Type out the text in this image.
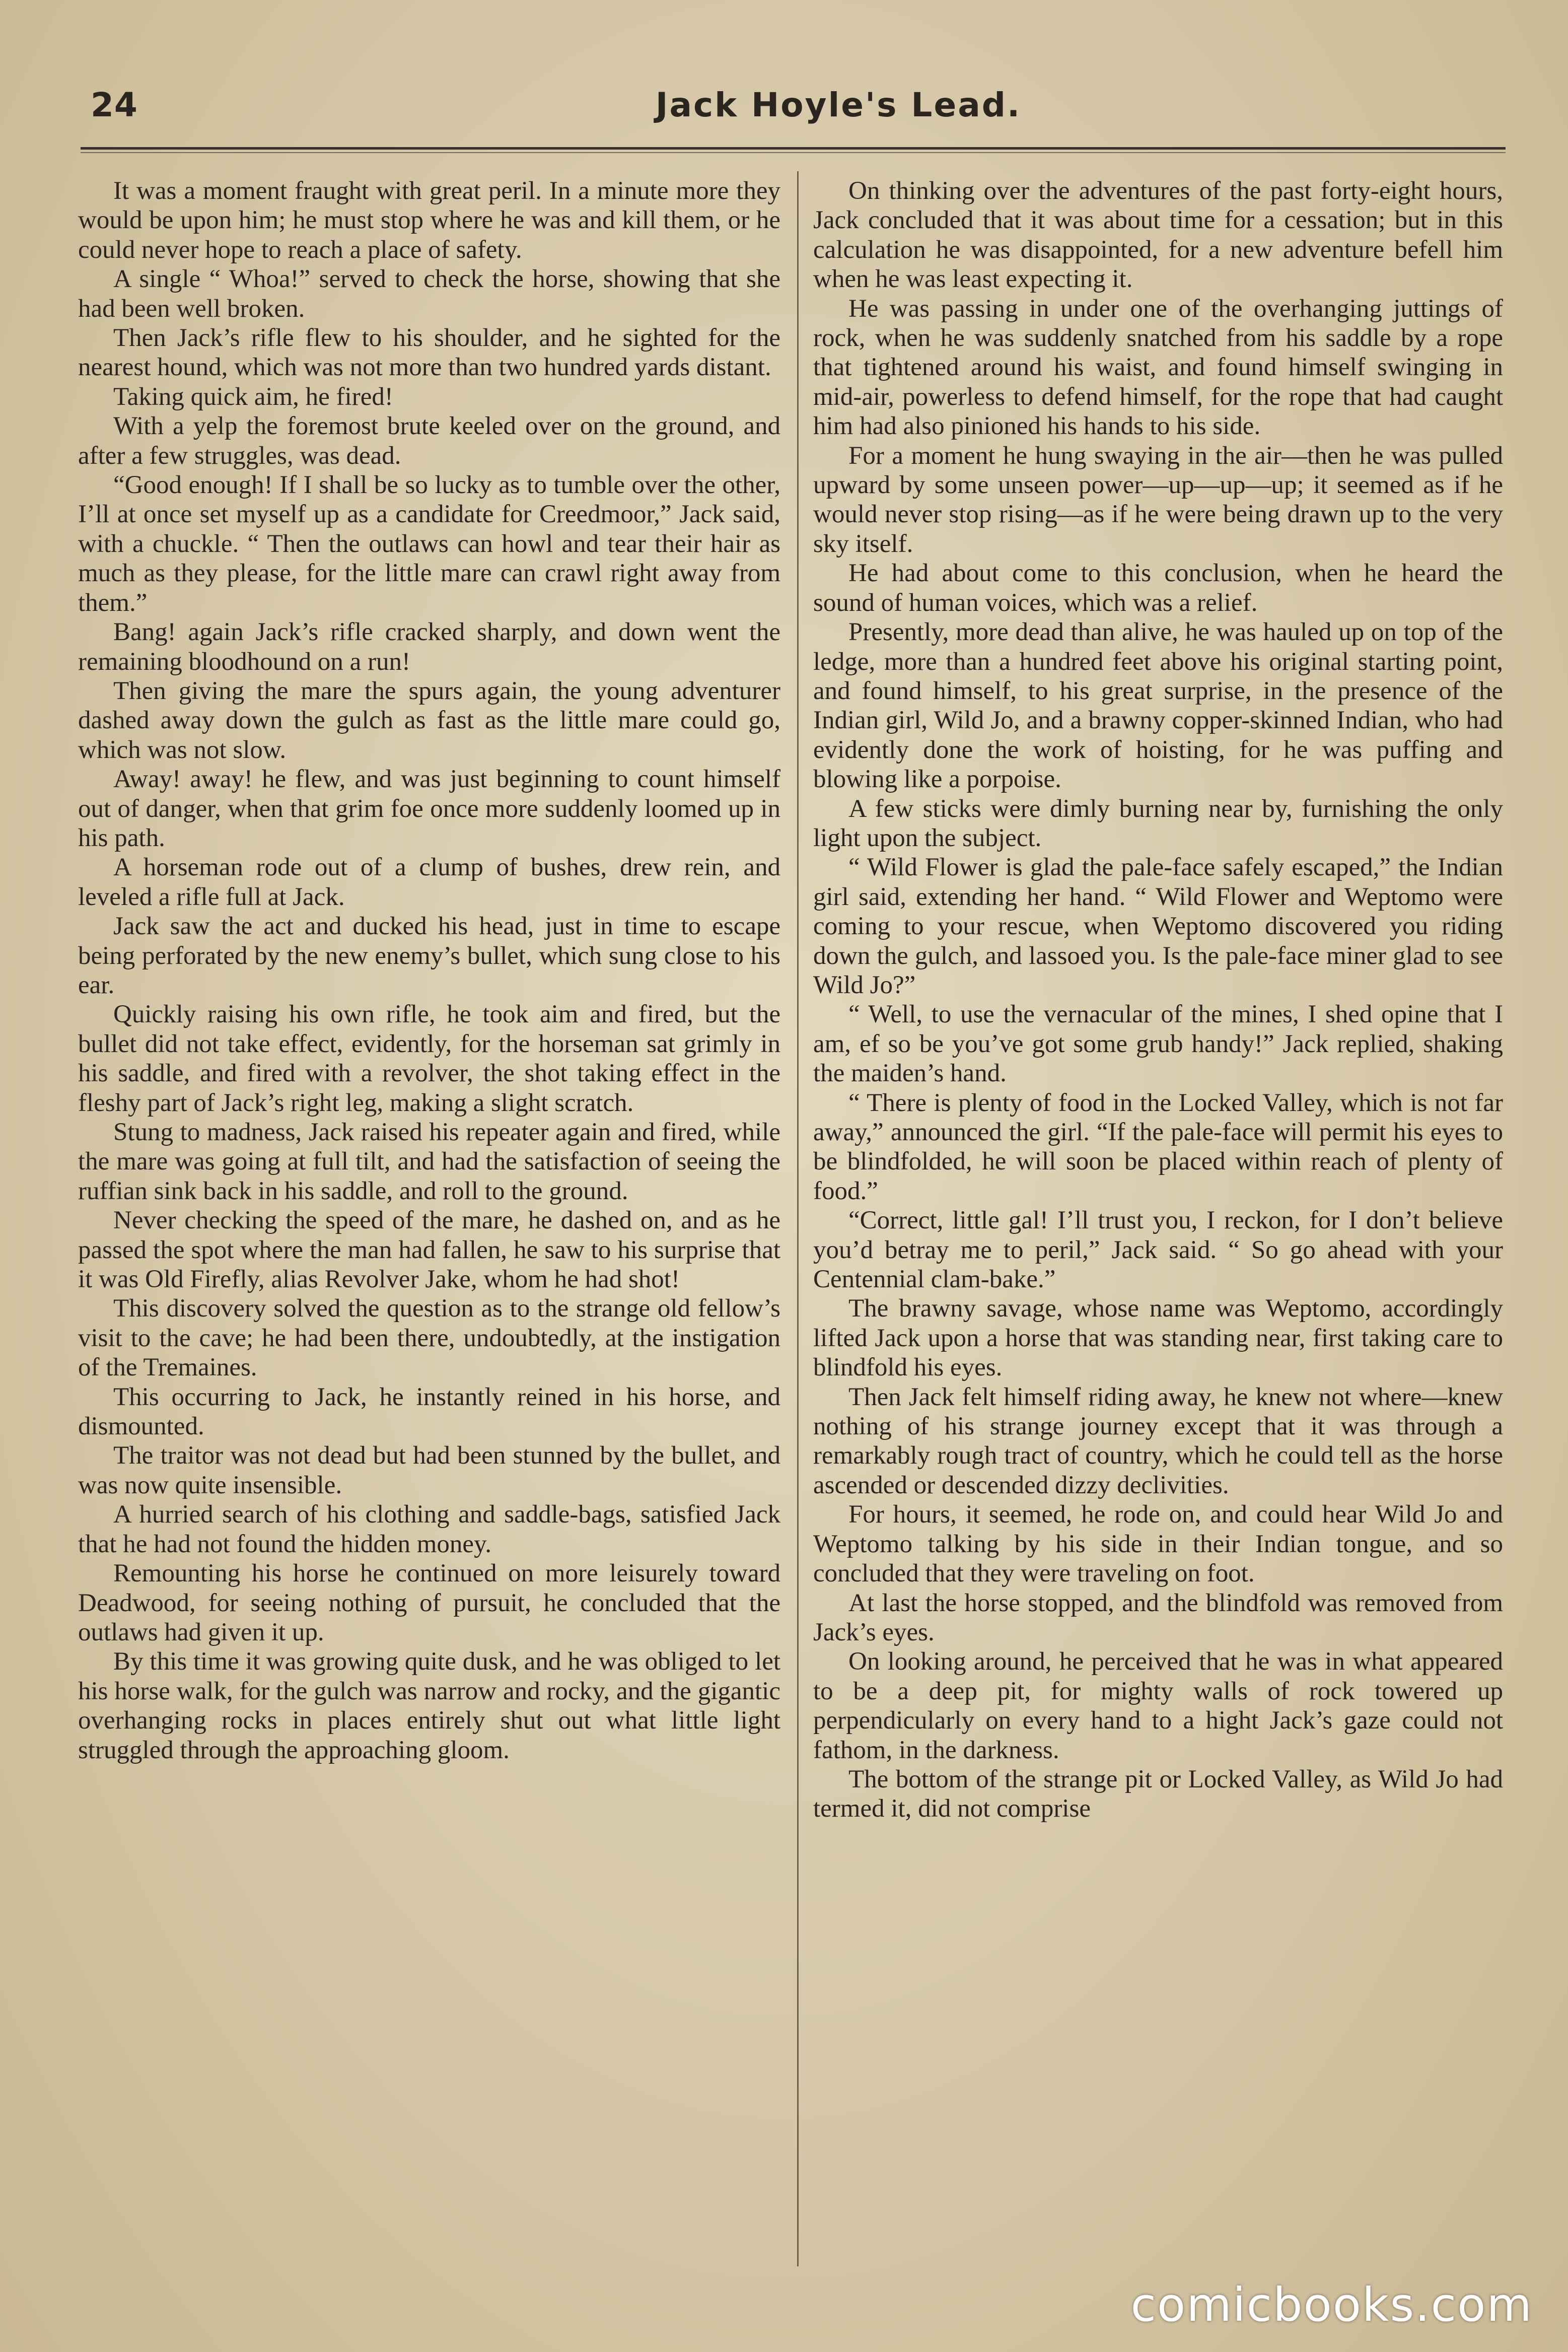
24	Jack Hoyle's Lead.

It was a moment fraught with great peril. In a minute more they would be upon him; he must stop where he was and kill them, or he could never hope to reach a place of safety.

A single “ Whoa!” served to check the horse, showing that she had been well broken.

Then Jack’s rifle flew to his shoulder, and he sighted for the nearest hound, which was not more than two hundred yards distant.

Taking quick aim, he fired!

With a yelp the foremost brute keeled over on the ground, and after a few struggles, was dead.

“Good enough! If I shall be so lucky as to tumble over the other, I’ll at once set myself up as a candidate for Creedmoor,” Jack said, with a chuckle. “ Then the outlaws can howl and tear their hair as much as they please, for the little mare can crawl right away from them.”

Bang! again Jack’s rifle cracked sharply, and down went the remaining bloodhound on a run!

Then giving the mare the spurs again, the young adventurer dashed away down the gulch as fast as the little mare could go, which was not slow.

Away! away! he flew, and was just beginning to count himself out of danger, when that grim foe once more suddenly loomed up in his path.

A horseman rode out of a clump of bushes, drew rein, and leveled a rifle full at Jack.

Jack saw the act and ducked his head, just in time to escape being perforated by the new enemy’s bullet, which sung close to his ear.

Quickly raising his own rifle, he took aim and fired, but the bullet did not take effect, evidently, for the horseman sat grimly in his saddle, and fired with a revolver, the shot taking effect in the fleshy part of Jack’s right leg, making a slight scratch.

Stung to madness, Jack raised his repeater again and fired, while the mare was going at full tilt, and had the satisfaction of seeing the ruffian sink back in his saddle, and roll to the ground.

Never checking the speed of the mare, he dashed on, and as he passed the spot where the man had fallen, he saw to his surprise that it was Old Firefly, alias Revolver Jake, whom he had shot!

This discovery solved the question as to the strange old fellow’s visit to the cave; he had been there, undoubtedly, at the instigation of the Tremaines.

This occurring to Jack, he instantly reined in his horse, and dismounted.

The traitor was not dead but had been stunned by the bullet, and was now quite insensible.

A hurried search of his clothing and saddle-bags, satisfied Jack that he had not found the hidden money.

Remounting his horse he continued on more leisurely toward Deadwood, for seeing nothing of pursuit, he concluded that the outlaws had given it up.

By this time it was growing quite dusk, and he was obliged to let his horse walk, for the gulch was narrow and rocky, and the gigantic overhanging rocks in places entirely shut out what little light struggled through the approaching gloom.

On thinking over the adventures of the past forty-eight hours, Jack concluded that it was about time for a cessation; but in this calculation he was disappointed, for a new adventure befell him when he was least expecting it.

He was passing in under one of the overhanging juttings of rock, when he was suddenly snatched from his saddle by a rope that tightened around his waist, and found himself swinging in mid-air, powerless to defend himself, for the rope that had caught him had also pinioned his hands to his side.

For a moment he hung swaying in the air—then he was pulled upward by some unseen power—up—up—up; it seemed as if he would never stop rising—as if he were being drawn up to the very sky itself.

He had about come to this conclusion, when he heard the sound of human voices, which was a relief.

Presently, more dead than alive, he was hauled up on top of the ledge, more than a hundred feet above his original starting point, and found himself, to his great surprise, in the presence of the Indian girl, Wild Jo, and a brawny copper-skinned Indian, who had evidently done the work of hoisting, for he was puffing and blowing like a porpoise.

A few sticks were dimly burning near by, furnishing the only light upon the subject.

“ Wild Flower is glad the pale-face safely escaped,” the Indian girl said, extending her hand. “ Wild Flower and Weptomo were coming to your rescue, when Weptomo discovered you riding down the gulch, and lassoed you. Is the pale-face miner glad to see Wild Jo?”

“ Well, to use the vernacular of the mines, I shed opine that I am, ef so be you’ve got some grub handy!” Jack replied, shaking the maiden’s hand.

“ There is plenty of food in the Locked Valley, which is not far away,” announced the girl. “If the pale-face will permit his eyes to be blindfolded, he will soon be placed within reach of plenty of food.”

“Correct, little gal! I’ll trust you, I reckon, for I don’t believe you’d betray me to peril,” Jack said. “ So go ahead with your Centennial clam-bake.”

The brawny savage, whose name was Weptomo, accordingly lifted Jack upon a horse that was standing near, first taking care to blindfold his eyes.

Then Jack felt himself riding away, he knew not where—knew nothing of his strange journey except that it was through a remarkably rough tract of country, which he could tell as the horse ascended or descended dizzy declivities.

For hours, it seemed, he rode on, and could hear Wild Jo and Weptomo talking by his side in their Indian tongue, and so concluded that they were traveling on foot.

At last the horse stopped, and the blindfold was removed from Jack’s eyes.

On looking around, he perceived that he was in what appeared to be a deep pit, for mighty walls of rock towered up perpendicularly on every hand to a hight Jack’s gaze could not fathom, in the darkness.

The bottom of the strange pit or Locked Valley, as Wild Jo had termed it, did not comprise

comicbooks.com
